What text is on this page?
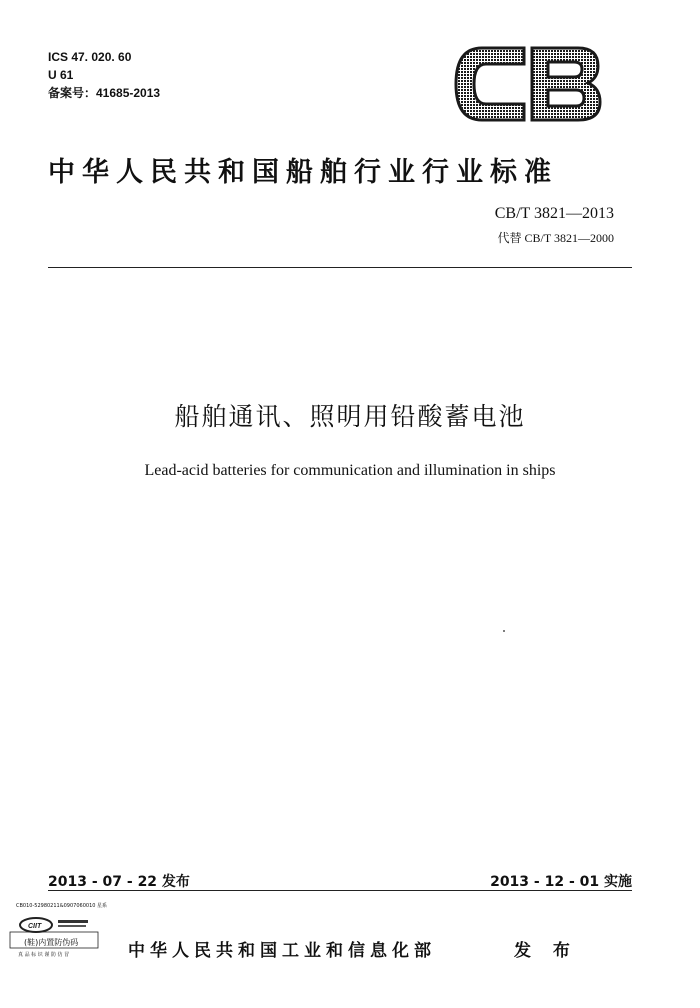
ICS 47. 020. 60
U 61
备案号：41685-2013
中华人民共和国船舶行业行业标准
CB/T 3821—2013
代替 CB/T 3821—2000
船舶通讯、照明用铅酸蓄电池
Lead-acid batteries for communication and illumination in ships
2013 - 07 - 22 发布	2013 - 12 - 01 实施
CIIT
CB010-52980211&0907060010 星系
(鞋)内置防伪码
真 品 标 识 谨 防 仿 冒	中华人民共和国工业和信息化部	发 布
